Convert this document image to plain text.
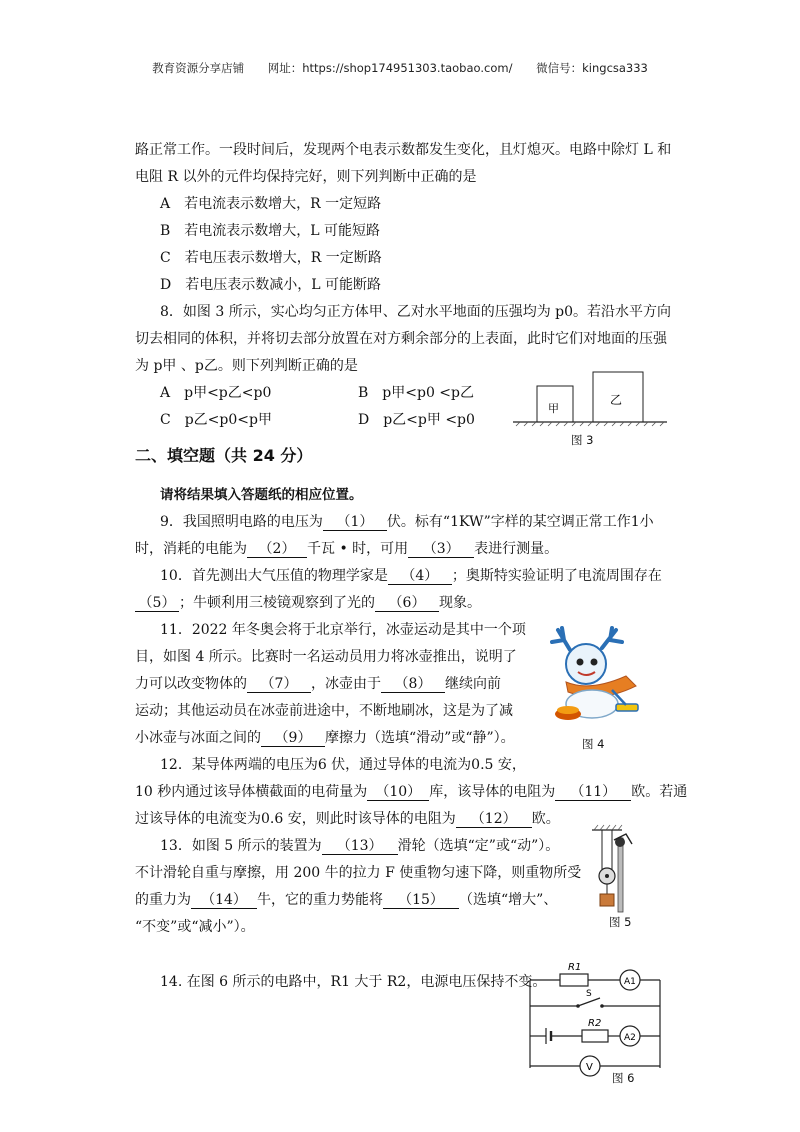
教育资源分享店铺 网址：https://shop174951303.taobao.com/ 微信号：kingcsa333
路正常工作。一段时间后，发现两个电表示数都发生变化，且灯熄灭。电路中除灯 L 和
电阻 R 以外的元件均保持完好，则下列判断中正确的是
A　若电流表示数增大，R 一定短路
B　若电流表示数增大，L 可能短路
C　若电压表示数增大，R 一定断路
D　若电压表示数减小，L 可能断路
8．如图 3 所示，实心均匀正方体甲、乙对水平地面的压强均为 p0。若沿水平方向
切去相同的体积，并将切去部分放置在对方剩余部分的上表面，此时它们对地面的压强
为 p甲 、p乙。则下列判断正确的是
A　p甲<p乙<p0	B　p甲<p0 <p乙
C　p乙<p0<p甲	D　p乙<p甲 <p0
甲
乙
图 3
二、填空题（共 24 分）
请将结果填入答题纸的相应位置。
9．我国照明电路的电压为 （1） 伏。标有“1KW”字样的某空调正常工作1小
时，消耗的电能为 （2） 千瓦 • 时，可用 （3） 表进行测量。
10．首先测出大气压值的物理学家是 （4） ；奥斯特实验证明了电流周围存在
（5） ；牛顿利用三棱镜观察到了光的 （6） 现象。
11．2022 年冬奥会将于北京举行，冰壶运动是其中一个项
目，如图 4 所示。比赛时一名运动员用力将冰壶推出，说明了
力可以改变物体的 （7） ，冰壶由于 （8） 继续向前
运动；其他运动员在冰壶前进途中，不断地刷冰，这是为了减
小冰壶与冰面之间的 （9） 摩擦力（选填“滑动”或“静”）。	图 4
12．某导体两端的电压为6 伏，通过导体的电流为0.5 安，
10 秒内通过该导体横截面的电荷量为 （10） 库，该导体的电阻为 （11） 欧。若通
过该导体的电流变为0.6 安，则此时该导体的电阻为 （12） 欧。
13．如图 5 所示的装置为 （13） 滑轮（选填“定”或“动”）。
不计滑轮自重与摩擦，用 200 牛的拉力 F 使重物匀速下降，则重物所受
的重力为 （14） 牛，它的重力势能将 （15） （选填“增大”、
“不变”或“减小”）。	图 5
14. 在图 6 所示的电路中，R1 大于 R2，电源电压保持不变。
R1
A1
S
R2
A2
V
图 6
